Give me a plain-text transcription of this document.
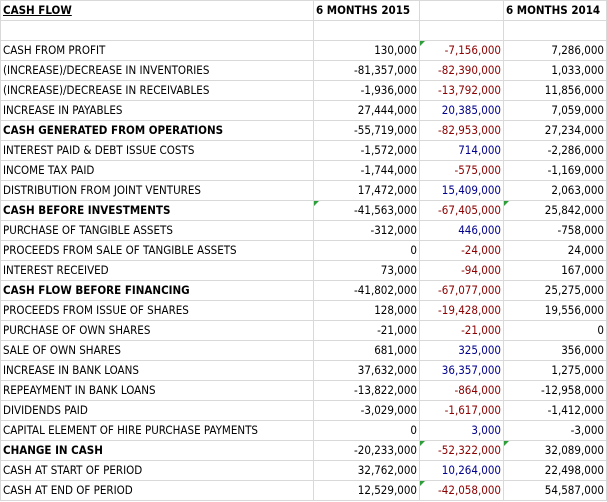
CASH FLOW	6 MONTHS 2015		6 MONTHS 2014

CASH FROM PROFIT	130,000	-7,156,000	7,286,000
(INCREASE)/DECREASE IN INVENTORIES	-81,357,000	-82,390,000	1,033,000
(INCREASE)/DECREASE IN RECEIVABLES	-1,936,000	-13,792,000	11,856,000
INCREASE IN PAYABLES	27,444,000	20,385,000	7,059,000
CASH GENERATED FROM OPERATIONS	-55,719,000	-82,953,000	27,234,000
INTEREST PAID & DEBT ISSUE COSTS	-1,572,000	714,000	-2,286,000
INCOME TAX PAID	-1,744,000	-575,000	-1,169,000
DISTRIBUTION FROM JOINT VENTURES	17,472,000	15,409,000	2,063,000
CASH BEFORE INVESTMENTS	-41,563,000	-67,405,000	25,842,000
PURCHASE OF TANGIBLE ASSETS	-312,000	446,000	-758,000
PROCEEDS FROM SALE OF TANGIBLE ASSETS	0	-24,000	24,000
INTEREST RECEIVED	73,000	-94,000	167,000
CASH FLOW BEFORE FINANCING	-41,802,000	-67,077,000	25,275,000
PROCEEDS FROM ISSUE OF SHARES	128,000	-19,428,000	19,556,000
PURCHASE OF OWN SHARES	-21,000	-21,000	0
SALE OF OWN SHARES	681,000	325,000	356,000
INCREASE IN BANK LOANS	37,632,000	36,357,000	1,275,000
REPEAYMENT IN BANK LOANS	-13,822,000	-864,000	-12,958,000
DIVIDENDS PAID	-3,029,000	-1,617,000	-1,412,000
CAPITAL ELEMENT OF HIRE PURCHASE PAYMENTS	0	3,000	-3,000
CHANGE IN CASH	-20,233,000	-52,322,000	32,089,000
CASH AT START OF PERIOD	32,762,000	10,264,000	22,498,000
CASH AT END OF PERIOD	12,529,000	-42,058,000	54,587,000
